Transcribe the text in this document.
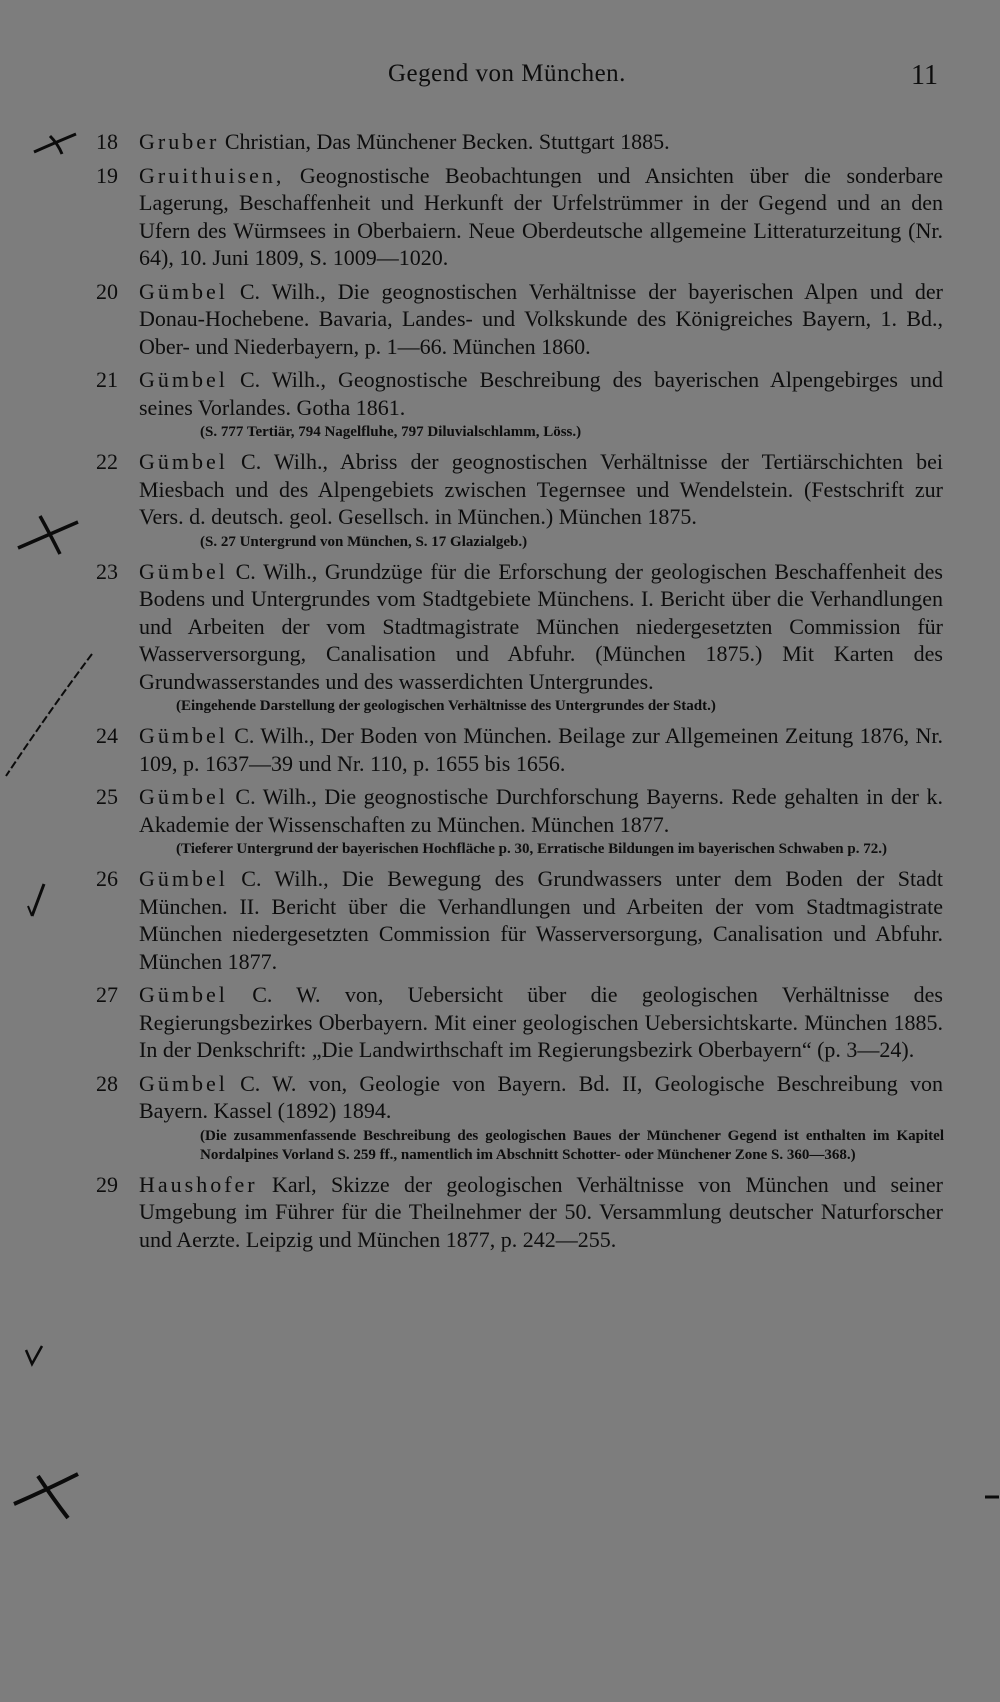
Gegend von München.	11
18 Gruber Christian, Das Münchener Becken. Stuttgart 1885.
19 Gruithuisen, Geognostische Beobachtungen und Ansichten über die sonderbare Lagerung, Beschaffenheit und Herkunft der Urfelstrümmer in der Gegend und an den Ufern des Würmsees in Oberbaiern. Neue Oberdeutsche allgemeine Litteraturzeitung (Nr. 64), 10. Juni 1809, S. 1009—1020.
20 Gümbel C. Wilh., Die geognostischen Verhältnisse der bayerischen Alpen und der Donau-Hochebene. Bavaria, Landes- und Volkskunde des Königreiches Bayern, 1. Bd., Ober- und Niederbayern, p. 1—66. München 1860.
21 Gümbel C. Wilh., Geognostische Beschreibung des bayerischen Alpengebirges und seines Vorlandes. Gotha 1861.
(S. 777 Tertiär, 794 Nagelfluhe, 797 Diluvialschlamm, Löss.)
22 Gümbel C. Wilh., Abriss der geognostischen Verhältnisse der Tertiärschichten bei Miesbach und des Alpengebiets zwischen Tegernsee und Wendelstein. (Festschrift zur Vers. d. deutsch. geol. Gesellsch. in München.) München 1875.
(S. 27 Untergrund von München, S. 17 Glazialgeb.)
23 Gümbel C. Wilh., Grundzüge für die Erforschung der geologischen Beschaffenheit des Bodens und Untergrundes vom Stadtgebiete Münchens. I. Bericht über die Verhandlungen und Arbeiten der vom Stadtmagistrate München niedergesetzten Commission für Wasserversorgung, Canalisation und Abfuhr. (München 1875.) Mit Karten des Grundwasserstandes und des wasserdichten Untergrundes.
(Eingehende Darstellung der geologischen Verhältnisse des Untergrundes der Stadt.)
24 Gümbel C. Wilh., Der Boden von München. Beilage zur Allgemeinen Zeitung 1876, Nr. 109, p. 1637—39 und Nr. 110, p. 1655 bis 1656.
25 Gümbel C. Wilh., Die geognostische Durchforschung Bayerns. Rede gehalten in der k. Akademie der Wissenschaften zu München. München 1877.
(Tieferer Untergrund der bayerischen Hochfläche p. 30, Erratische Bildungen im bayerischen Schwaben p. 72.)
26 Gümbel C. Wilh., Die Bewegung des Grundwassers unter dem Boden der Stadt München. II. Bericht über die Verhandlungen und Arbeiten der vom Stadtmagistrate München niedergesetzten Commission für Wasserversorgung, Canalisation und Abfuhr. München 1877.
27 Gümbel C. W. von, Uebersicht über die geologischen Verhältnisse des Regierungsbezirkes Oberbayern. Mit einer geologischen Uebersichtskarte. München 1885. In der Denkschrift: „Die Landwirthschaft im Regierungsbezirk Oberbayern“ (p. 3—24).
28 Gümbel C. W. von, Geologie von Bayern. Bd. II, Geologische Beschreibung von Bayern. Kassel (1892) 1894.
(Die zusammenfassende Beschreibung des geologischen Baues der Münchener Gegend ist enthalten im Kapitel Nordalpines Vorland S. 259 ff., namentlich im Abschnitt Schotter- oder Münchener Zone S. 360—368.)
29 Haushofer Karl, Skizze der geologischen Verhältnisse von München und seiner Umgebung im Führer für die Theilnehmer der 50. Versammlung deutscher Naturforscher und Aerzte. Leipzig und München 1877, p. 242—255.
